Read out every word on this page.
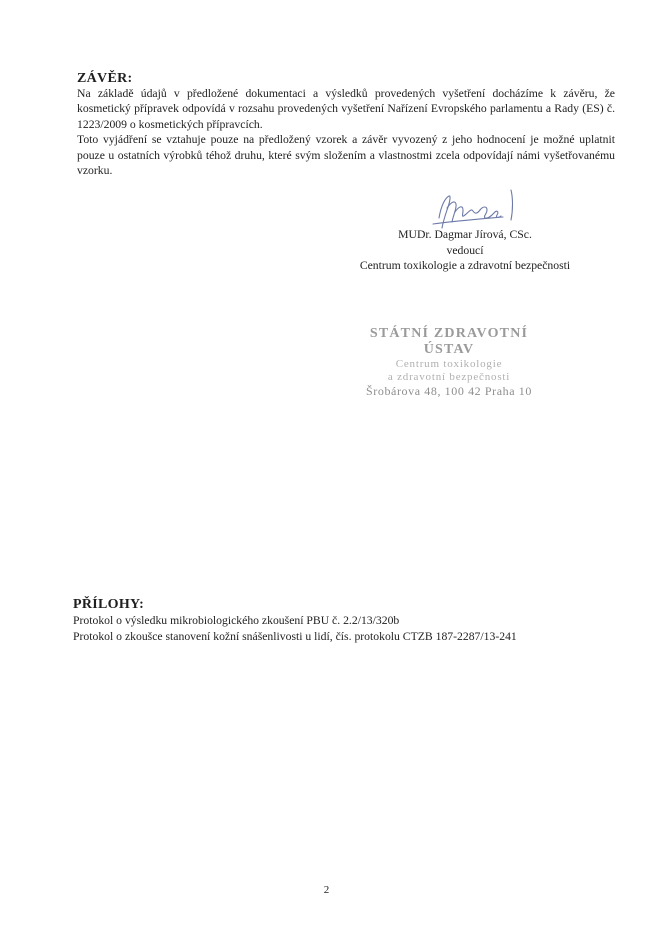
ZÁVĚR:

Na základě údajů v předložené dokumentaci a výsledků provedených vyšetření docházíme k závěru, že kosmetický přípravek odpovídá v rozsahu provedených vyšetření Nařízení Evropského parlamentu a Rady (ES) č. 1223/2009 o kosmetických přípravcích.

Toto vyjádření se vztahuje pouze na předložený vzorek a závěr vyvozený z jeho hodnocení je možné uplatnit pouze u ostatních výrobků téhož druhu, které svým složením a vlastnostmi zcela odpovídají námi vyšetřovanému vzorku.

MUDr. Dagmar Jírová, CSc.
vedoucí
Centrum toxikologie a zdravotní bezpečnosti
STÁTNÍ ZDRAVOTNÍ ÚSTAV
Centrum toxikologie
a zdravotní bezpečnosti
Šrobárova 48, 100 42 Praha 10
PŘÍLOHY:
Protokol o výsledku mikrobiologického zkoušení PBU č. 2.2/13/320b
Protokol o zkoušce stanovení kožní snášenlivosti u lidí, čís. protokolu CTZB 187-2287/13-241
2
